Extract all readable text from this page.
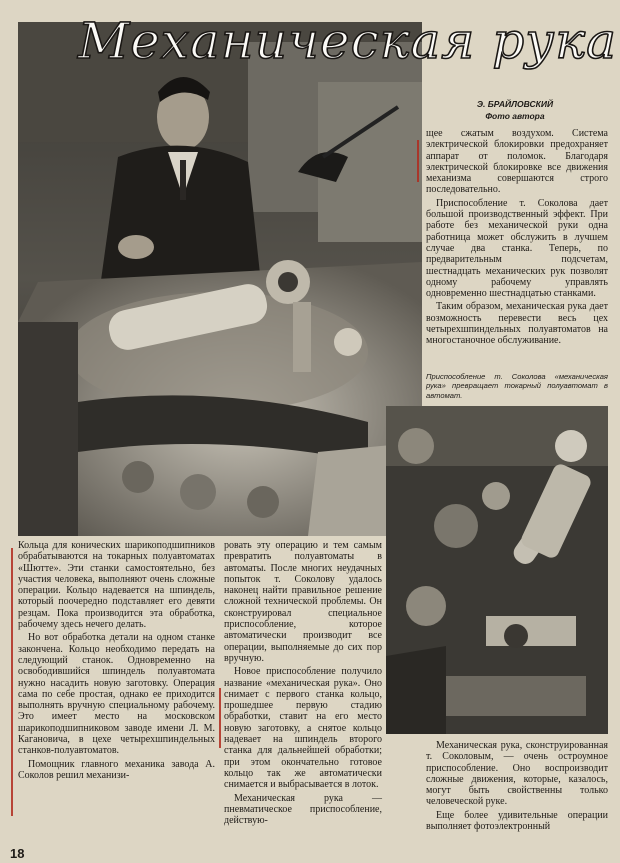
Механическая рука
Э. БРАЙЛОВСКИЙ
Фото автора

щее сжатым воздухом. Система электрической блокировки предохраняет аппарат от поломок. Благодаря электрической блокировке все движения механизма совершаются строго последовательно.

Приспособление т. Соколова дает большой производственный эффект. При работе без механической руки одна работница может обслужить в лучшем случае два станка. Теперь, по предварительным подсчетам, шестнадцать механических рук позволят одному рабочему управлять одновременно шестнадцатью станками.

Таким образом, механическая рука дает возможность перевести весь цех четырехшпиндельных полуавтоматов на многостаночное обслуживание.

Приспособление т. Соколова «механическая рука» превращает токарный полуавтомат в автомат.

Кольца для конических шарикоподшипников обрабатываются на токарных полуавтоматах «Шютте». Эти станки самостоятельно, без участия человека, выполняют очень сложные операции. Кольцо надевается на шпиндель, который поочередно подставляет его девяти резцам. Пока производится эта обработка, рабочему здесь нечего делать.

Но вот обработка детали на одном станке закончена. Кольцо необходимо передать на следующий станок. Одновременно на освободившийся шпиндель полуавтомата нужно насадить новую заготовку. Операция сама по себе простая, однако ее приходится выполнять вручную специальному рабочему. Это имеет место на московском шарикоподшипниковом заводе имени Л. М. Кагановича, в цехе четырехшпиндельных станков-полуавтоматов.

Помощник главного механика завода А. Соколов решил механизи-

ровать эту операцию и тем самым превратить полуавтоматы в автоматы. После многих неудачных попыток т. Соколову удалось наконец найти правильное решение сложной технической проблемы. Он сконструировал специальное приспособление, которое автоматически производит все операции, выполняемые до сих пор вручную.

Новое приспособление получило название «механическая рука». Оно снимает с первого станка кольцо, прошедшее первую стадию обработки, ставит на его место новую заготовку, а снятое кольцо надевает на шпиндель второго станка для дальнейшей обработки; при этом окончательно готовое кольцо так же автоматически снимается и выбрасывается в лоток.

Механическая рука — пневматическое приспособление, действую-

Механическая рука, сконструированная т. Соколовым, — очень остроумное приспособление. Оно воспроизводит сложные движения, которые, казалось, могут быть свойственны только человеческой руке.

Еще более удивительные операции выполняет фотоэлектронный

18
